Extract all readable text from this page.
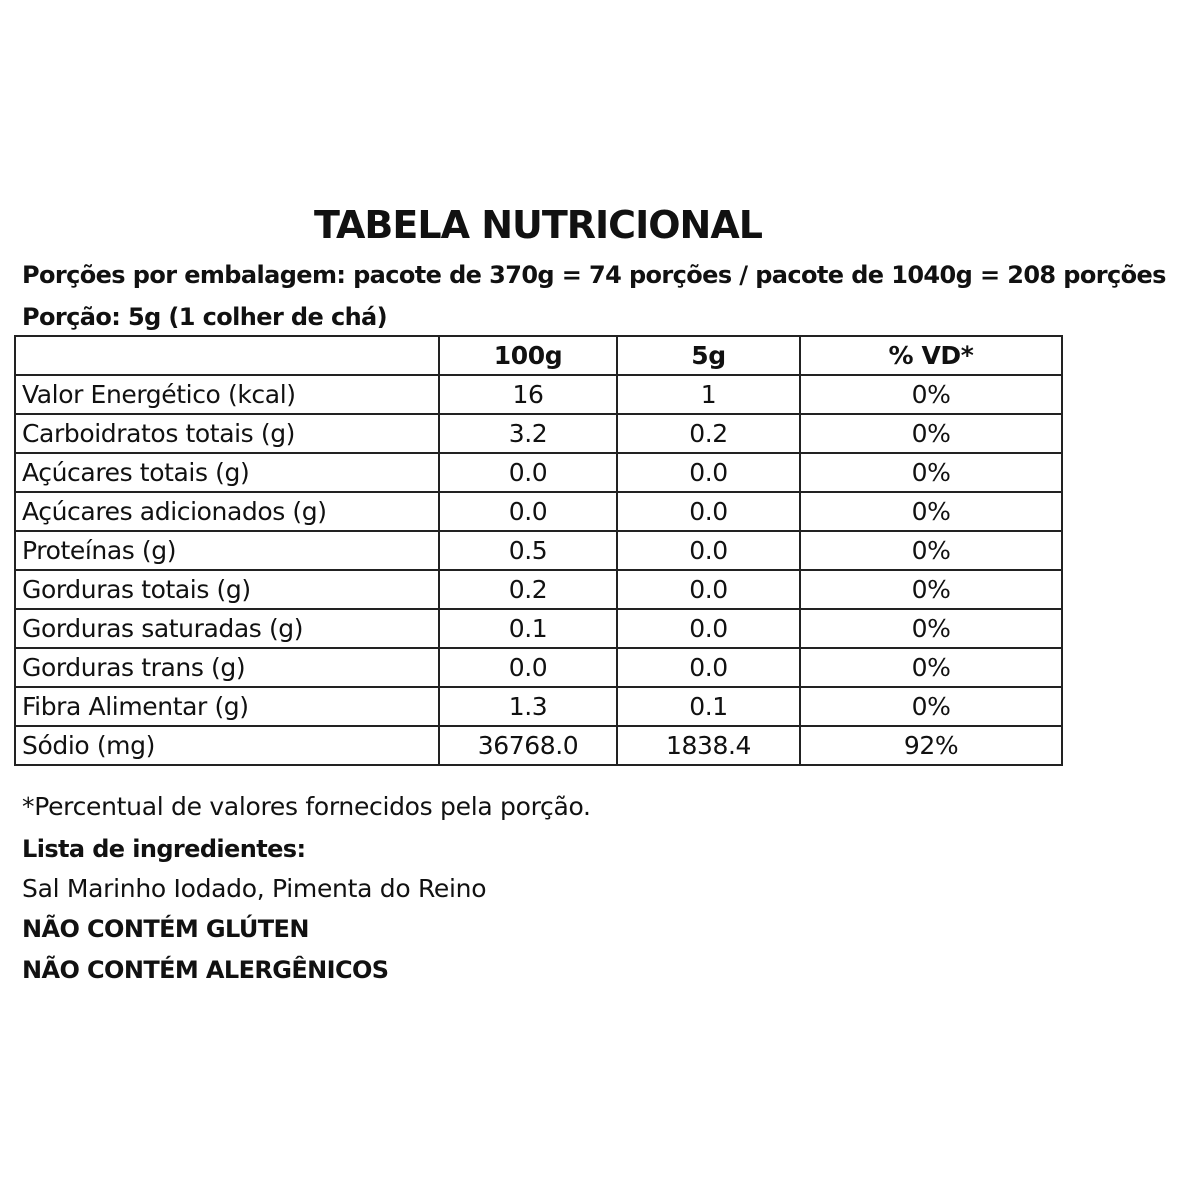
TABELA NUTRICIONAL
Porções por embalagem: pacote de 370g = 74 porções / pacote de 1040g = 208 porções
Porção: 5g (1 colher de chá)
	100g	5g	% VD*
Valor Energético (kcal)	16	1	0%
Carboidratos totais (g)	3.2	0.2	0%
Açúcares totais (g)	0.0	0.0	0%
Açúcares adicionados (g)	0.0	0.0	0%
Proteínas (g)	0.5	0.0	0%
Gorduras totais (g)	0.2	0.0	0%
Gorduras saturadas (g)	0.1	0.0	0%
Gorduras trans (g)	0.0	0.0	0%
Fibra Alimentar (g)	1.3	0.1	0%
Sódio (mg)	36768.0	1838.4	92%
*Percentual de valores fornecidos pela porção.
Lista de ingredientes:
Sal Marinho Iodado, Pimenta do Reino
NÃO CONTÉM GLÚTEN
NÃO CONTÉM ALERGÊNICOS
